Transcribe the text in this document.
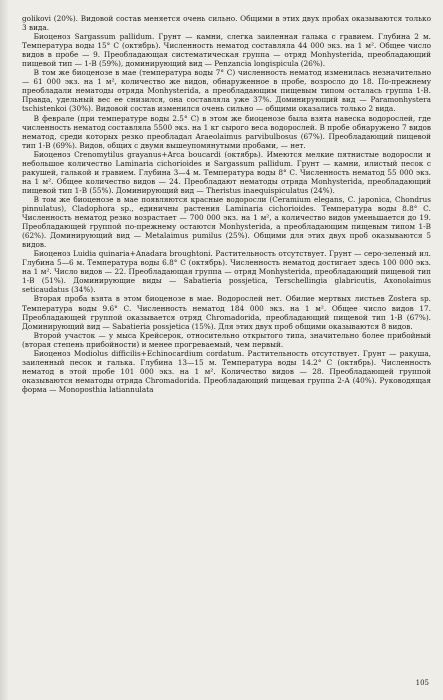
golikovi (20%). Видовой состав меняется очень сильно. Общими в этих двух пробах оказываются только 3 вида.

Биоценоз Sargassum pallidum. Грунт — камни, слегка заиленная галька с гравием. Глубина 2 м. Температура воды 15° С (октябрь). Численность нематод составляла 44 000 экз. на 1 м². Общее число видов в пробе — 9. Преобладающая систематическая группа — отряд Monhysterida, преобладающий пищевой тип — 1-В (59%), доминирующий вид — Penzancia longispicula (26%).

В том же биоценозе в мае (температура воды 7° С) численность нематод изменилась незначительно — 61 000 экз. на 1 м², количество же видов, обнаруженное в пробе, возросло до 18. По-прежнему преобладали нематоды отряда Monhysterida, а преобладающим пищевым типом осталась группа 1-В. Правда, удельный вес ее снизился, она составляла уже 37%. Доминирующий вид — Paramonhystera tschistenkoi (30%). Видовой состав изменился очень сильно — общими оказались только 2 вида.

В феврале (при температуре воды 2.5° С) в этом же биоценозе была взята навеска водорослей, где численность нематод составляла 5500 экз. на 1 кг сырого веса водорослей. В пробе обнаружено 7 видов нематод, среди которых резко преобладал Araeolaimus parvibulbosus (67%). Преобладающий пищевой тип 1-В (69%). Видов, общих с двумя вышеупомянутыми пробами, — нет.

Биоценоз Crenomytilus grayanus+Arca boucardi (октябрь). Имеются мелкие пятнистые водоросли и небольшое количество Laminaria cichorioides и Sargassum pallidum. Грунт — камни, илистый песок с ракушей, галькой и гравием. Глубина 3—4 м. Температура воды 8° С. Численность нематод 55 000 экз. на 1 м². Общее количество видов — 24. Преобладают нематоды отряда Monhysterida, преобладающий пищевой тип 1-В (55%). Доминирующий вид — Theristus inaequispiculatus (24%).

В том же биоценозе в мае появляются красные водоросли (Ceramium elegans, C. japonica, Chondrus pinnulatus), Cladophora sp., единичны растения Laminaria cichorioides. Температура воды 8.8° С. Численность нематод резко возрастает — 700 000 экз. на 1 м², а количество видов уменьшается до 19. Преобладающей группой по-прежнему остаются Monhysterida, а преобладающим пищевым типом 1-В (62%). Доминирующий вид — Metalaimus pumilus (25%). Общими для этих двух проб оказываются 5 видов.

Биоценоз Luidia quinaria+Anadara broughtoni. Растительность отсутствует. Грунт — серо-зеленый ил. Глубина 5—6 м. Температура воды 6.8° С (октябрь). Численность нематод достигает здесь 100 000 экз. на 1 м². Число видов — 22. Преобладающая группа — отряд Monhysterida, преобладающий пищевой тип 1-В (51%). Доминирующие виды — Sabatieria possjetica, Terschellingia glabricutis, Axonolaimus seticaudatus (34%).

Вторая проба взята в этом биоценозе в мае. Водорослей нет. Обилие мертвых листьев Zostera sp. Температура воды 9.6° С. Численность нематод 184 000 экз. на 1 м². Общее число видов 17. Преобладающей группой оказывается отряд Chromadorida, преобладающий пищевой тип 1-В (67%). Доминирующий вид — Sabatieria possjetica (15%). Для этих двух проб общими оказываются 8 видов.

Второй участок — у мыса Крейсерок, относительно открытого типа, значительно более прибойный (вторая степень прибойности) и менее прогреваемый, чем первый.

Биоценоз Modiolus difficilis+Echinocardium cordatum. Растительность отсутствует. Грунт — ракуша, заиленный песок и галька. Глубина 13—15 м. Температура воды 14.2° С (октябрь). Численность нематод в этой пробе 101 000 экз. на 1 м². Количество видов — 28. Преобладающей группой оказываются нематоды отряда Chromadorida. Преобладающий пищевая группа 2-А (40%). Руководящая форма — Monoposthia latiannulata

105
